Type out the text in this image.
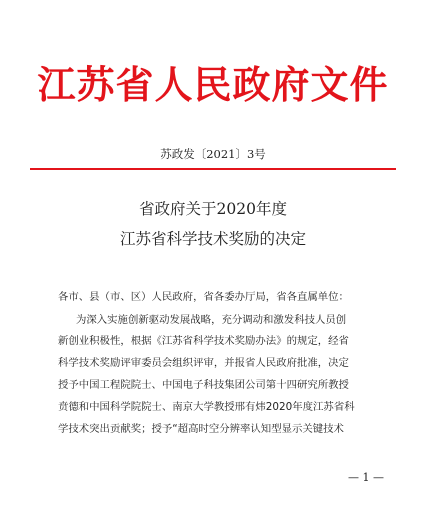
江苏省人民政府文件
苏政发〔2021〕3号
省政府关于2020年度
江苏省科学技术奖励的决定
各市、县（市、区）人民政府，省各委办厅局，省各直属单位：
为深入实施创新驱动发展战略，充分调动和激发科技人员创
新创业积极性，根据《江苏省科学技术奖励办法》的规定，经省
科学技术奖励评审委员会组织评审，并报省人民政府批准，决定
授予中国工程院院士、中国电子科技集团公司第十四研究所教授
贲德和中国科学院院士、南京大学教授邢有炜2020年度江苏省科
学技术突出贡献奖；授予“超高时空分辨率认知型显示关键技术
— 1 —
